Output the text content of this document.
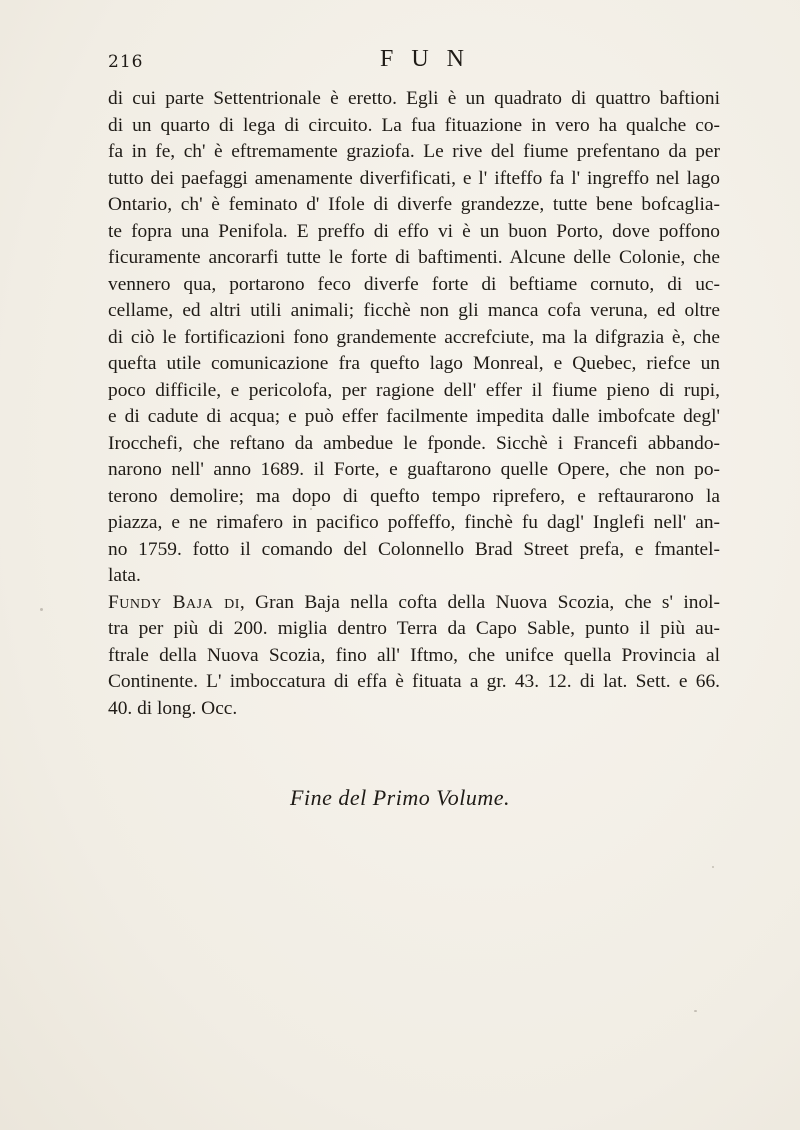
216	F U N
di cui parte Settentrionale è eretto. Egli è un quadrato di quattro baftioni
di un quarto di lega di circuito. La fua fituazione in vero ha qualche co-
fa in fe, ch' è eftremamente graziofa. Le rive del fiume prefentano da per
tutto dei paefaggi amenamente diverfificati, e l' ifteffo fa l' ingreffo nel lago
Ontario, ch' è feminato d' Ifole di diverfe grandezze, tutte bene bofcaglia-
te fopra una Penifola. E preffo di effo vi è un buon Porto, dove poffono
ficuramente ancorarfi tutte le forte di baftimenti. Alcune delle Colonie, che
vennero qua, portarono feco diverfe forte di beftiame cornuto, di uc-
cellame, ed altri utili animali; ficchè non gli manca cofa veruna, ed oltre
di ciò le fortificazioni fono grandemente accrefciute, ma la difgrazia è, che
quefta utile comunicazione fra quefto lago Monreal, e Quebec, riefce un
poco difficile, e pericolofa, per ragione dell' effer il fiume pieno di rupi,
e di cadute di acqua; e può effer facilmente impedita dalle imbofcate degl'
Irocchefi, che reftano da ambedue le fponde. Sicchè i Francefi abbando-
narono nell' anno 1689. il Forte, e guaftarono quelle Opere, che non po-
terono demolire; ma dopo di quefto tempo riprefero, e reftaurarono la
piazza, e ne rimafero in pacifico poffeffo, finchè fu dagl' Inglefi nell' an-
no 1759. fotto il comando del Colonnello Brad Street prefa, e fmantel-
lata.
Fundy Baja di, Gran Baja nella cofta della Nuova Scozia, che s' inol-
tra per più di 200. miglia dentro Terra da Capo Sable, punto il più au-
ftrale della Nuova Scozia, fino all' Iftmo, che unifce quella Provincia al
Continente. L' imboccatura di effa è fituata a gr. 43. 12. di lat. Sett. e 66.
40. di long. Occ.
Fine del Primo Volume.
